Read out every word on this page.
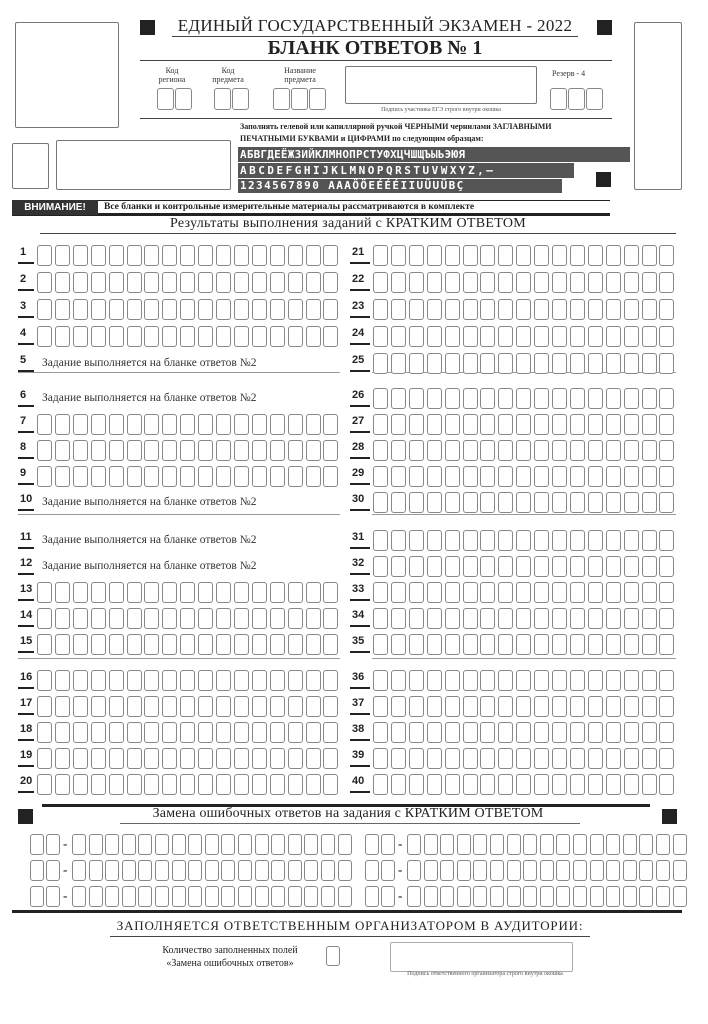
ЕДИНЫЙ ГОСУДАРСТВЕННЫЙ ЭКЗАМЕН - 2022
БЛАНК ОТВЕТОВ № 1
Код региона
Код предмета
Название предмета
Подпись участника ЕГЭ строго внутри окошка
Резерв - 4
Заполнять гелевой или капиллярной ручкой ЧЕРНЫМИ чернилами ЗАГЛАВНЫМИ
ПЕЧАТНЫМИ БУКВАМИ и ЦИФРАМИ по следующим образцам:
АБВГДЕЁЖЗИЙКЛМНОПРСТУФХЦЧШЩЪЫЬЭЮЯ
ABCDEFGHIJKLMNOPQRSTUVWXYZ,–
1234567890 AAAÖÖEÉÉÉIIUÜUÜBÇ
ВНИМАНИЕ!	Все бланки и контрольные измерительные материалы рассматриваются в комплекте
Результаты выполнения заданий с КРАТКИМ ОТВЕТОМ
1	21
2	22
3	23
4	24
5 Задание выполняется на бланке ответов №2	25
6 Задание выполняется на бланке ответов №2	26
7	27
8	28
9	29
10 Задание выполняется на бланке ответов №2	30
11 Задание выполняется на бланке ответов №2	31
12 Задание выполняется на бланке ответов №2	32
13	33
14	34
15	35
16	36
17	37
18	38
19	39
20	40
Замена ошибочных ответов на задания с КРАТКИМ ОТВЕТОМ
-	-
-	-
-	-
ЗАПОЛНЯЕТСЯ ОТВЕТСТВЕННЫМ ОРГАНИЗАТОРОМ В АУДИТОРИИ:
Количество заполненных полей
«Замена ошибочных ответов»
Подпись ответственного организатора строго внутри окошка
